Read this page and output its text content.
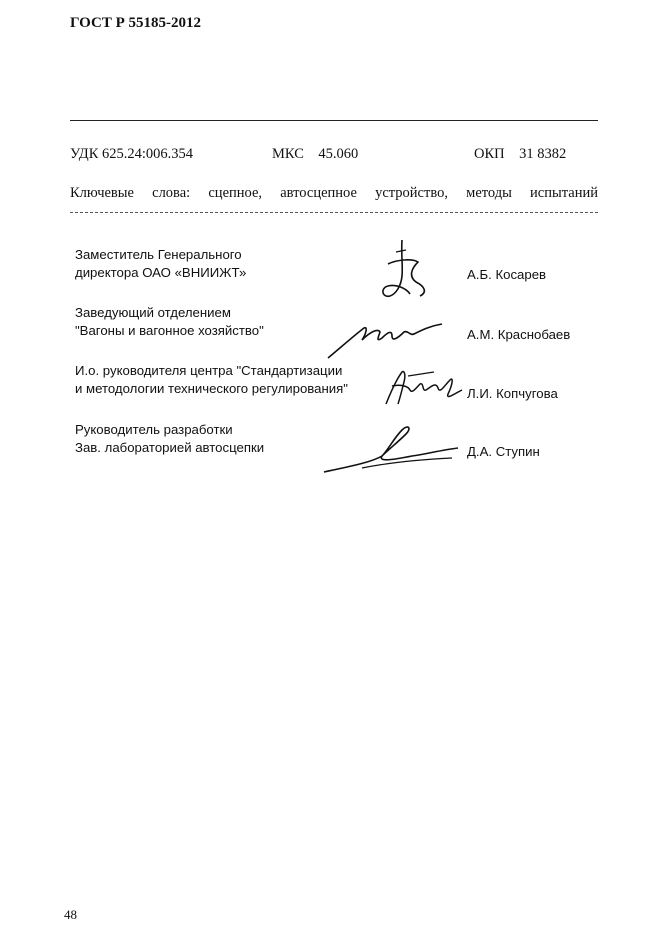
ГОСТ Р 55185-2012
УДК 625.24:006.354	МКС    45.060	ОКП    31 8382
Ключевые слова: сцепное, автосцепное устройство, методы испытаний
Заместитель Генерального
директора ОАО «ВНИИЖТ»	А.Б. Косарев
Заведующий отделением
"Вагоны и вагонное хозяйство"	А.М. Краснобаев
И.о. руководителя центра "Стандартизации
и методологии технического регулирования"	Л.И. Копчугова
Руководитель разработки
Зав. лабораторией автосцепки	Д.А. Ступин
48
